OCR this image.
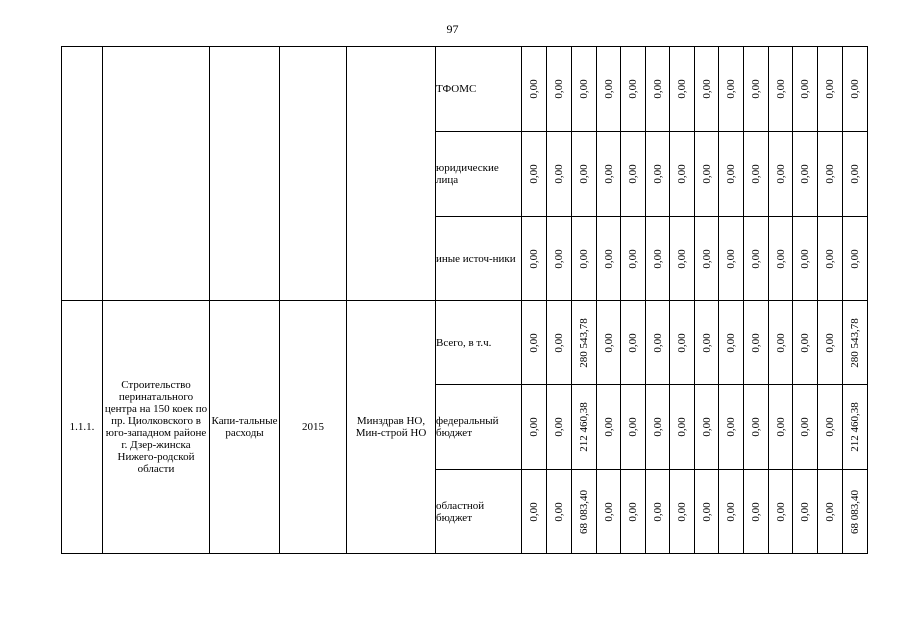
97
					ТФОМС	0,00	0,00	0,00	0,00	0,00	0,00	0,00	0,00	0,00	0,00	0,00	0,00	0,00	0,00

					юридические лица	0,00	0,00	0,00	0,00	0,00	0,00	0,00	0,00	0,00	0,00	0,00	0,00	0,00	0,00

					иные источ-ники	0,00	0,00	0,00	0,00	0,00	0,00	0,00	0,00	0,00	0,00	0,00	0,00	0,00	0,00

1.1.1.	Строительство перинатального центра на 150 коек по пр. Циолковского в юго-западном районе г. Дзер-жинска Нижего-родской области	Капи-тальные расходы	2015	Минздрав НО, Мин-строй НО	Всего, в т.ч.	0,00	0,00	280 543,78	0,00	0,00	0,00	0,00	0,00	0,00	0,00	0,00	0,00	0,00	280 543,78

					федеральный бюджет	0,00	0,00	212 460,38	0,00	0,00	0,00	0,00	0,00	0,00	0,00	0,00	0,00	0,00	212 460,38

					областной бюджет	0,00	0,00	68 083,40	0,00	0,00	0,00	0,00	0,00	0,00	0,00	0,00	0,00	0,00	68 083,40
